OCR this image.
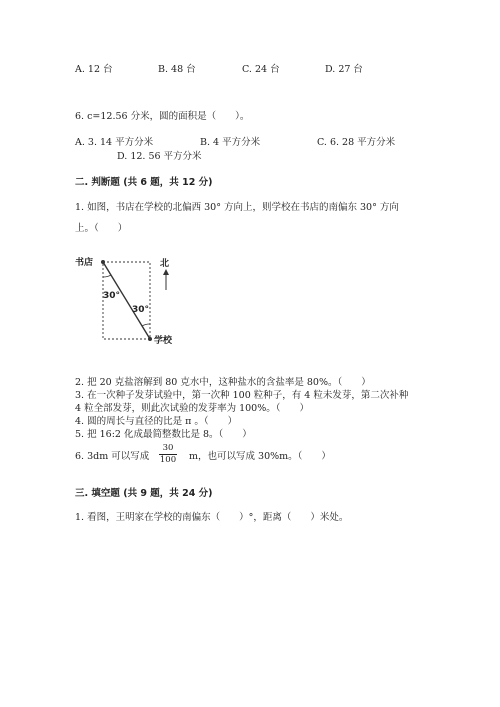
A. 12 台	B. 48 台	C. 24 台	D. 27 台
6. c=12.56 分米，圆的面积是（　　）。
A. 3. 14 平方分米	B. 4 平方分米	C. 6. 28 平方分米
D. 12. 56 平方分米
二. 判断题 (共 6 题，共 12 分)
1. 如图，书店在学校的北偏西 30° 方向上，则学校在书店的南偏东 30° 方向
上。（　　）
书店	北
学校
30°
30°
2. 把 20 克盐溶解到 80 克水中，这种盐水的含盐率是 80%。（　　）
3. 在一次种子发芽试验中，第一次种 100 粒种子，有 4 粒未发芽，第二次补种
4 粒全部发芽，则此次试验的发芽率为 100%。（　　）
4. 圆的周长与直径的比是 π 。（　　）
5. 把 16:2 化成最简整数比是 8。（　　）
6. 3dm 可以写成
30
100	m，也可以写成 30%m。（　　）
三. 填空题 (共 9 题，共 24 分)
1. 看图，王明家在学校的南偏东（　　）°，距离（　　）米处。
